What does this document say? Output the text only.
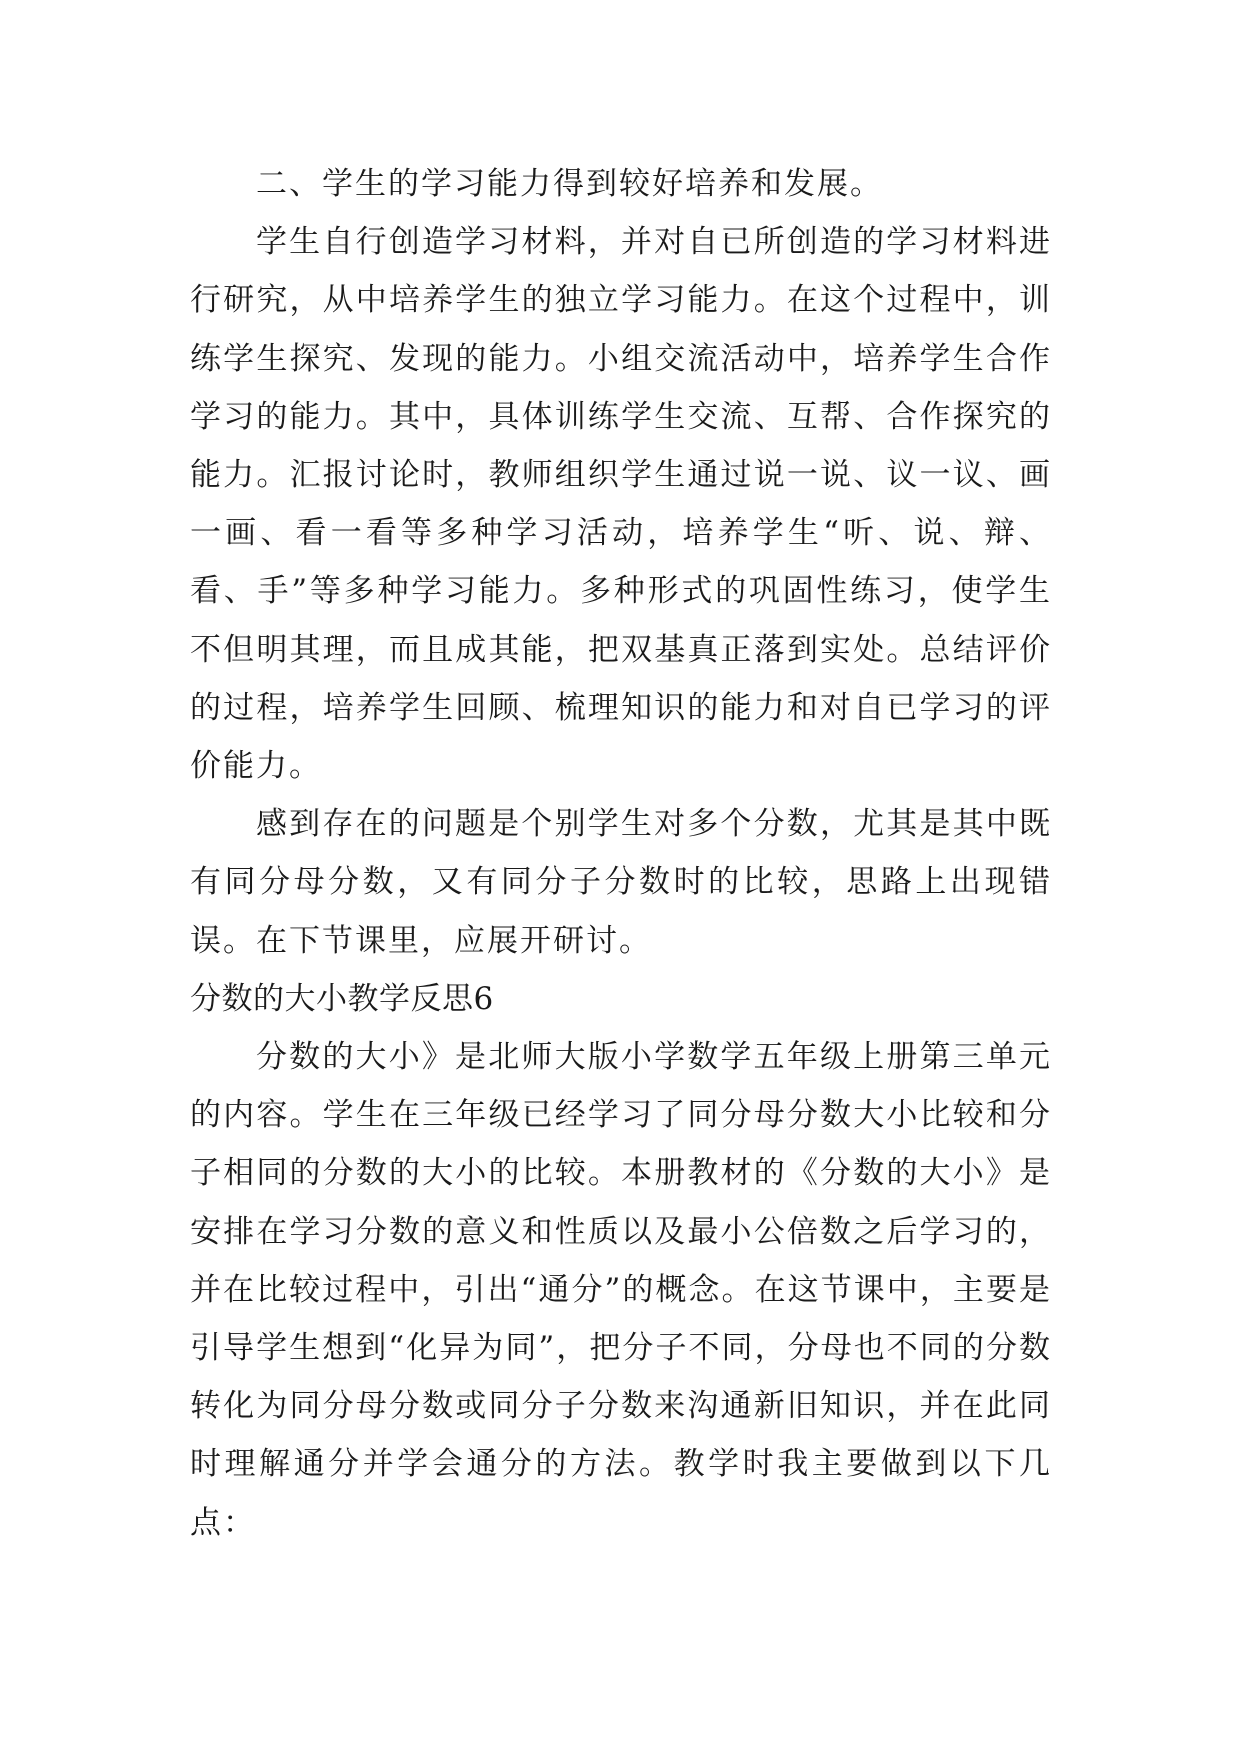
二、学生的学习能力得到较好培养和发展。

学生自行创造学习材料，并对自已所创造的学习材料进行研究，从中培养学生的独立学习能力。在这个过程中，训练学生探究、发现的能力。小组交流活动中，培养学生合作学习的能力。其中，具体训练学生交流、互帮、合作探究的能力。汇报讨论时，教师组织学生通过说一说、议一议、画一画、看一看等多种学习活动，培养学生“听、说、辩、看、手”等多种学习能力。多种形式的巩固性练习，使学生不但明其理，而且成其能，把双基真正落到实处。总结评价的过程，培养学生回顾、梳理知识的能力和对自已学习的评价能力。

感到存在的问题是个别学生对多个分数，尤其是其中既有同分母分数，又有同分子分数时的比较，思路上出现错误。在下节课里，应展开研讨。

分数的大小教学反思6

分数的大小》是北师大版小学数学五年级上册第三单元的内容。学生在三年级已经学习了同分母分数大小比较和分子相同的分数的大小的比较。本册教材的《分数的大小》是安排在学习分数的意义和性质以及最小公倍数之后学习的，并在比较过程中，引出“通分”的概念。在这节课中，主要是引导学生想到“化异为同”，把分子不同，分母也不同的分数转化为同分母分数或同分子分数来沟通新旧知识，并在此同时理解通分并学会通分的方法。教学时我主要做到以下几点：
